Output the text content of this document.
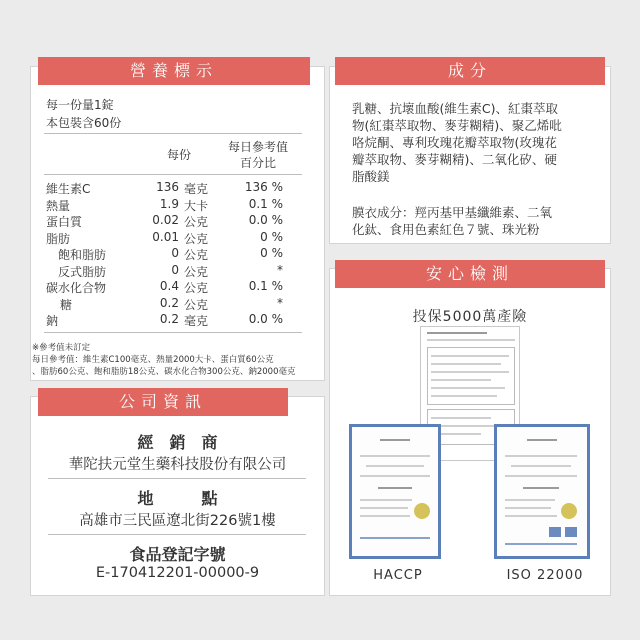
營養標示
每一份量1錠
本包裝含60份
每份
每日參考值
百分比
維生素C	136 毫克	136 %
熱量	1.9 大卡	0.1 %
蛋白質	0.02 公克	0.0 %
脂肪	0.01 公克	0 %
飽和脂肪	0 公克	0 %
反式脂肪	0 公克	*
碳水化合物	0.4 公克	0.1 %
糖	0.2 公克	*
鈉	0.2 毫克	0.0 %
※參考值未訂定
每日參考值：維生素C100毫克、熱量2000大卡、蛋白質60公克
、脂肪60公克、飽和脂肪18公克、碳水化合物300公克、鈉2000毫克
成分
乳糖、抗壞血酸(維生素C)、紅棗萃取
物(紅棗萃取物、麥芽糊精)、聚乙烯吡
咯烷酮、專利玫瑰花瓣萃取物(玫瑰花
瓣萃取物、麥芽糊精)、二氧化矽、硬
脂酸鎂
膜衣成分：羥丙基甲基纖維素、二氧
化鈦、食用色素紅色７號、珠光粉
公司資訊
經　銷　商
華陀扶元堂生藥科技股份有限公司
地　　　點
高雄市三民區遼北街226號1樓
食品登記字號
E-170412201-00000-9
安心檢測
投保5000萬產險
HACCP	ISO 22000
